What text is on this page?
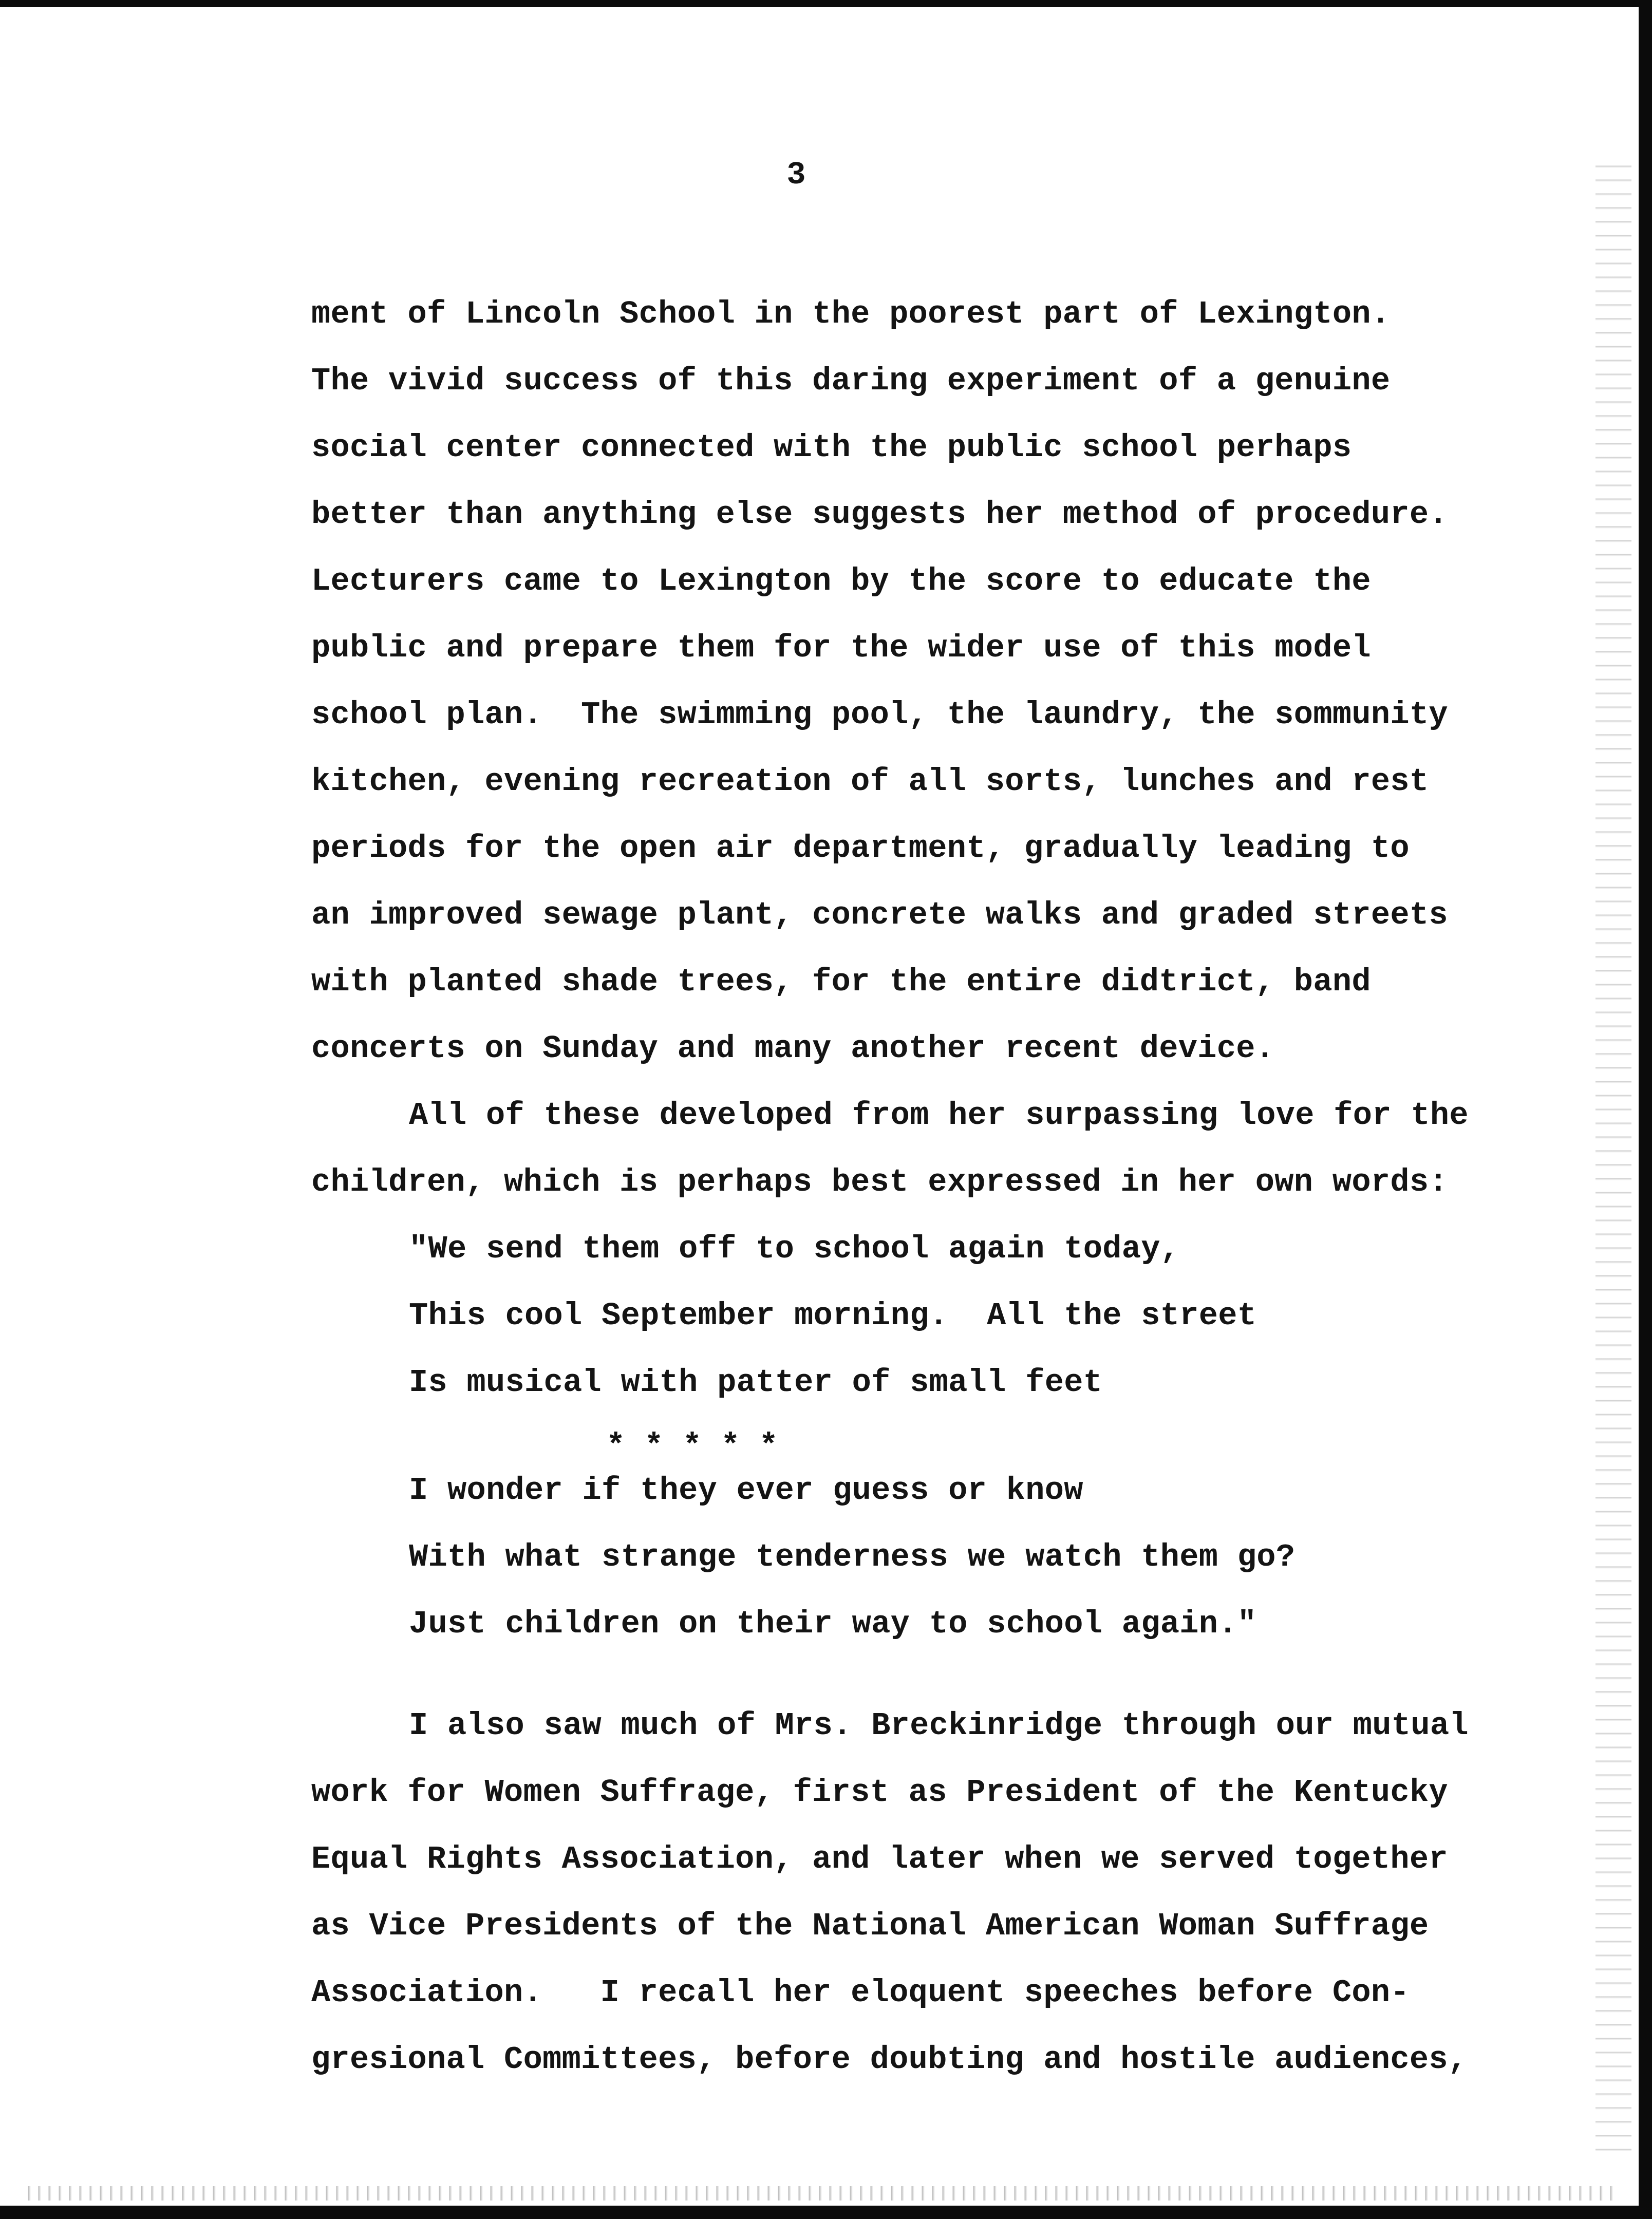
3
ment of Lincoln School in the poorest part of Lexington.
The vivid success of this daring experiment of a genuine
social center connected with the public school perhaps
better than anything else suggests her method of procedure.
Lecturers came to Lexington by the score to educate the
public and prepare them for the wider use of this model
school plan.  The swimming pool, the laundry, the sommunity
kitchen, evening recreation of all sorts, lunches and rest
periods for the open air department, gradually leading to
an improved sewage plant, concrete walks and graded streets
with planted shade trees, for the entire didtrict, band
concerts on Sunday and many another recent device.
All of these developed from her surpassing love for the
children, which is perhaps best expressed in her own words:
"We send them off to school again today,
This cool September morning.  All the street
Is musical with patter of small feet
* * * * *
I wonder if they ever guess or know
With what strange tenderness we watch them go?
Just children on their way to school again."
I also saw much of Mrs. Breckinridge through our mutual
work for Women Suffrage, first as President of the Kentucky
Equal Rights Association, and later when we served together
as Vice Presidents of the National American Woman Suffrage
Association.   I recall her eloquent speeches before Con-
gresional Committees, before doubting and hostile audiences,
